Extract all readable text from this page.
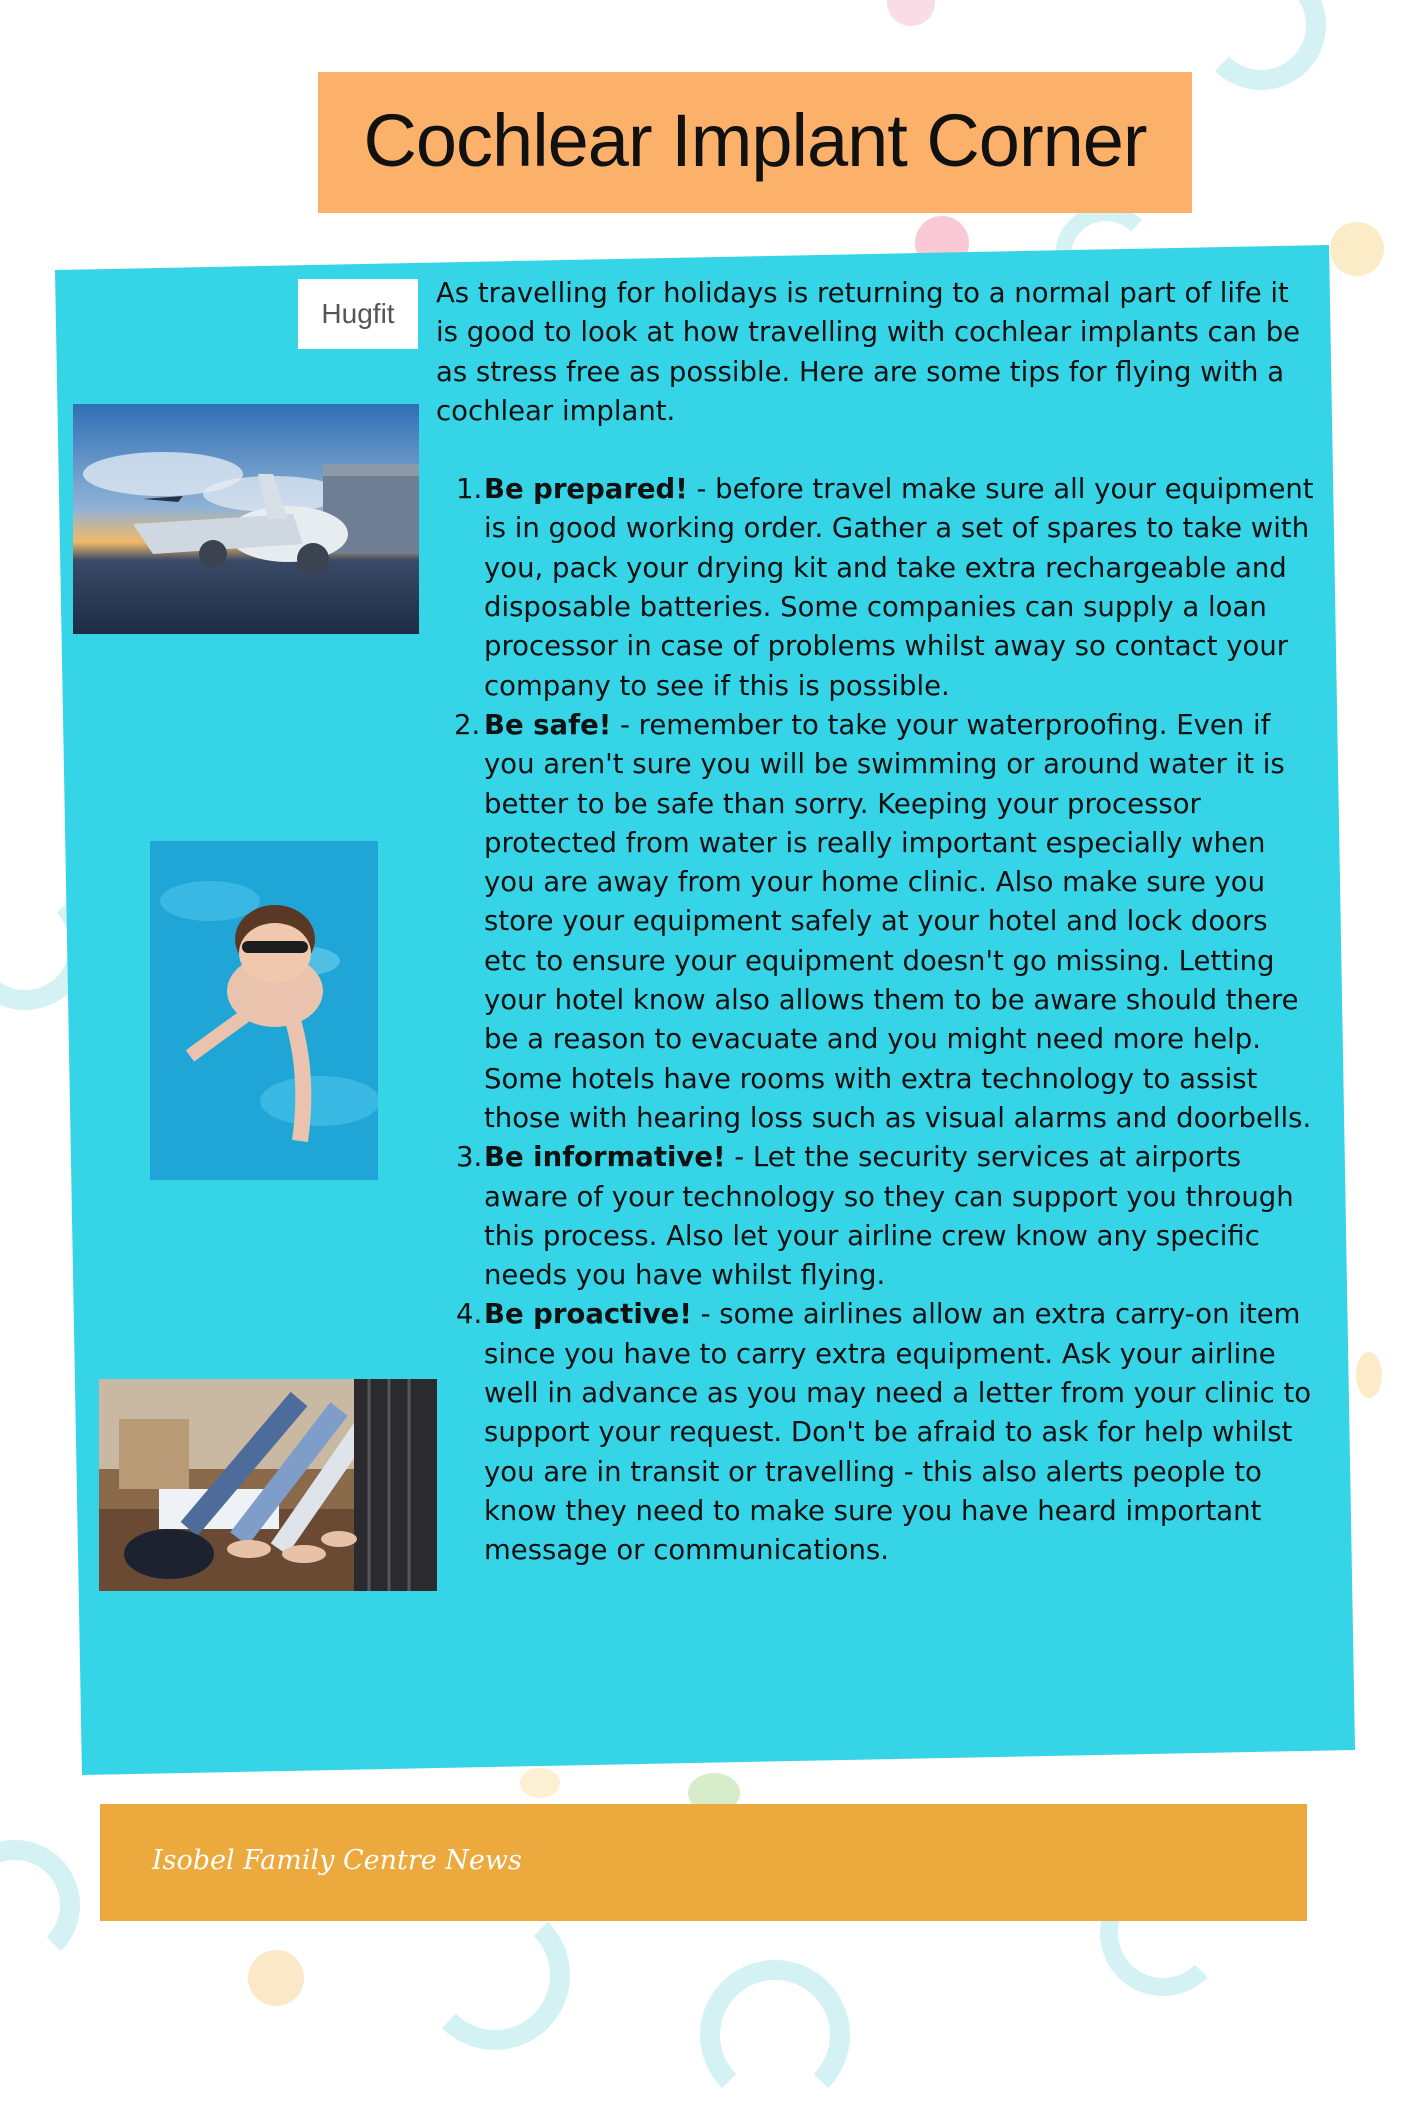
Cochlear Implant Corner
Hugfit

As travelling for holidays is returning to a normal part of life it is good to look at how travelling with cochlear implants can be as stress free as possible. Here are some tips for flying with a cochlear implant.

1. Be prepared! - before travel make sure all your equipment is in good working order. Gather a set of spares to take with you, pack your drying kit and take extra rechargeable and disposable batteries. Some companies can supply a loan processor in case of problems whilst away so contact your company to see if this is possible.
2. Be safe! - remember to take your waterproofing. Even if you aren't sure you will be swimming or around water it is better to be safe than sorry. Keeping your processor protected from water is really important especially when you are away from your home clinic. Also make sure you store your equipment safely at your hotel and lock doors etc to ensure your equipment doesn't go missing. Letting your hotel know also allows them to be aware should there be a reason to evacuate and you might need more help. Some hotels have rooms with extra technology to assist those with hearing loss such as visual alarms and doorbells.
3. Be informative! - Let the security services at airports aware of your technology so they can support you through this process. Also let your airline crew know any specific needs you have whilst flying.
4. Be proactive! - some airlines allow an extra carry-on item since you have to carry extra equipment. Ask your airline well in advance as you may need a letter from your clinic to support your request. Don't be afraid to ask for help whilst you are in transit or travelling - this also alerts people to know they need to make sure you have heard important message or communications.
Isobel Family Centre News
